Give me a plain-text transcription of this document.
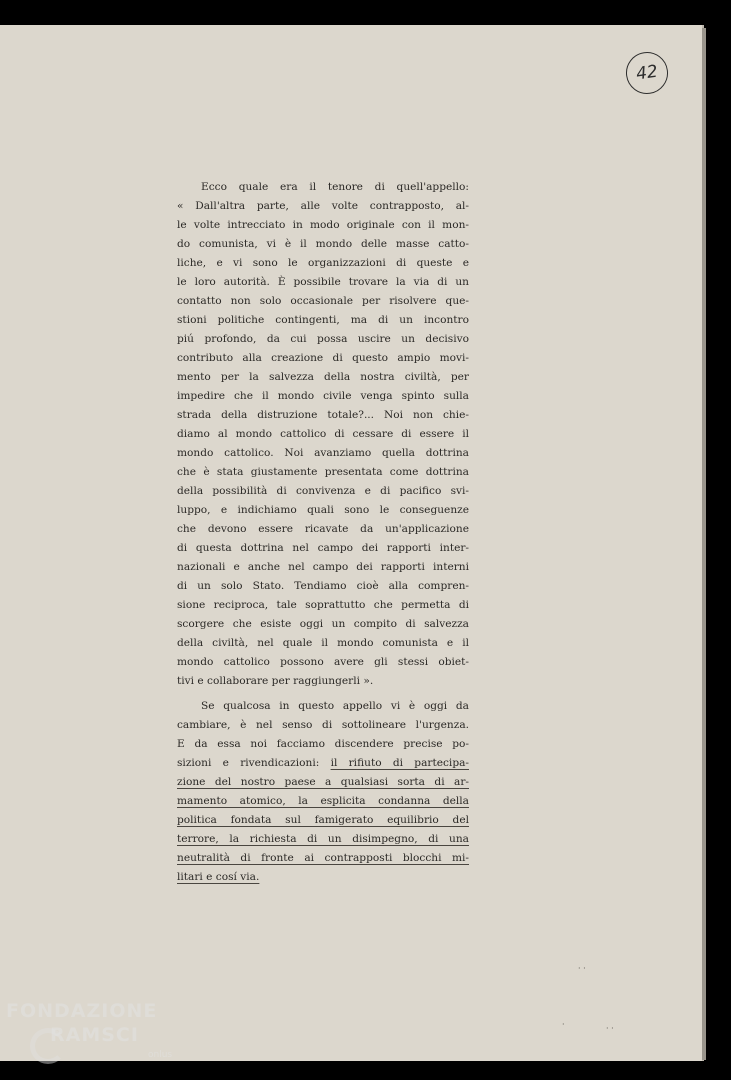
42
Ecco quale era il tenore di quell'appello:
« Dall'altra parte, alle volte contrapposto, al-
le volte intrecciato in modo originale con il mon-
do comunista, vi è il mondo delle masse catto-
liche, e vi sono le organizzazioni di queste e
le loro autorità. È possibile trovare la via di un
contatto non solo occasionale per risolvere que-
stioni politiche contingenti, ma di un incontro
piú profondo, da cui possa uscire un decisivo
contributo alla creazione di questo ampio movi-
mento per la salvezza della nostra civiltà, per
impedire che il mondo civile venga spinto sulla
strada della distruzione totale?... Noi non chie-
diamo al mondo cattolico di cessare di essere il
mondo cattolico. Noi avanziamo quella dottrina
che è stata giustamente presentata come dottrina
della possibilità di convivenza e di pacifico svi-
luppo, e indichiamo quali sono le conseguenze
che devono essere ricavate da un'applicazione
di questa dottrina nel campo dei rapporti inter-
nazionali e anche nel campo dei rapporti interni
di un solo Stato. Tendiamo cioè alla compren-
sione reciproca, tale soprattutto che permetta di
scorgere che esiste oggi un compito di salvezza
della civiltà, nel quale il mondo comunista e il
mondo cattolico possono avere gli stessi obiet-
tivi e collaborare per raggiungerli ».
Se qualcosa in questo appello vi è oggi da
cambiare, è nel senso di sottolineare l'urgenza.
E da essa noi facciamo discendere precise po-
sizioni e rivendicazioni: il rifiuto di partecipa-
zione del nostro paese a qualsiasi sorta di ar-
mamento atomico, la esplicita condanna della
politica fondata sul famigerato equilibrio del
terrore, la richiesta di un disimpegno, di una
neutralità di fronte ai contrapposti blocchi mi-
litari e cosí via.
· ·
·	· ·
FONDAZIONE
RAMSCI
onlus
